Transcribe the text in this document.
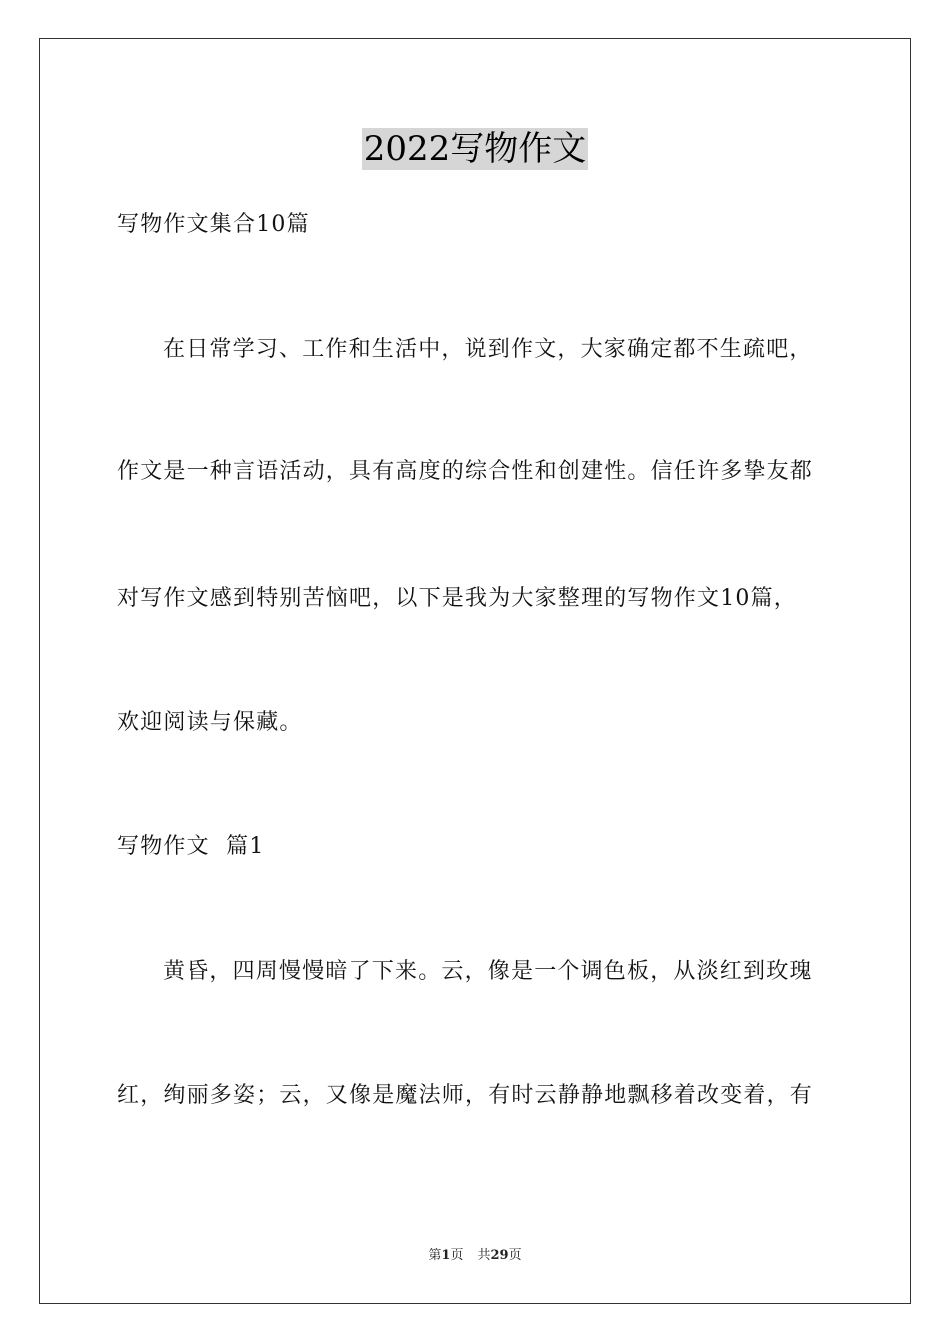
2022写物作文
写物作文集合10篇
在日常学习、工作和生活中，说到作文，大家确定都不生疏吧，
作文是一种言语活动，具有高度的综合性和创建性。信任许多挚友都
对写作文感到特别苦恼吧，以下是我为大家整理的写物作文10篇，
欢迎阅读与保藏。
写物作文  篇1
黄昏，四周慢慢暗了下来。云，像是一个调色板，从淡红到玫瑰
红，绚丽多姿；云，又像是魔法师，有时云静静地飘移着改变着，有
第1页 共29页
